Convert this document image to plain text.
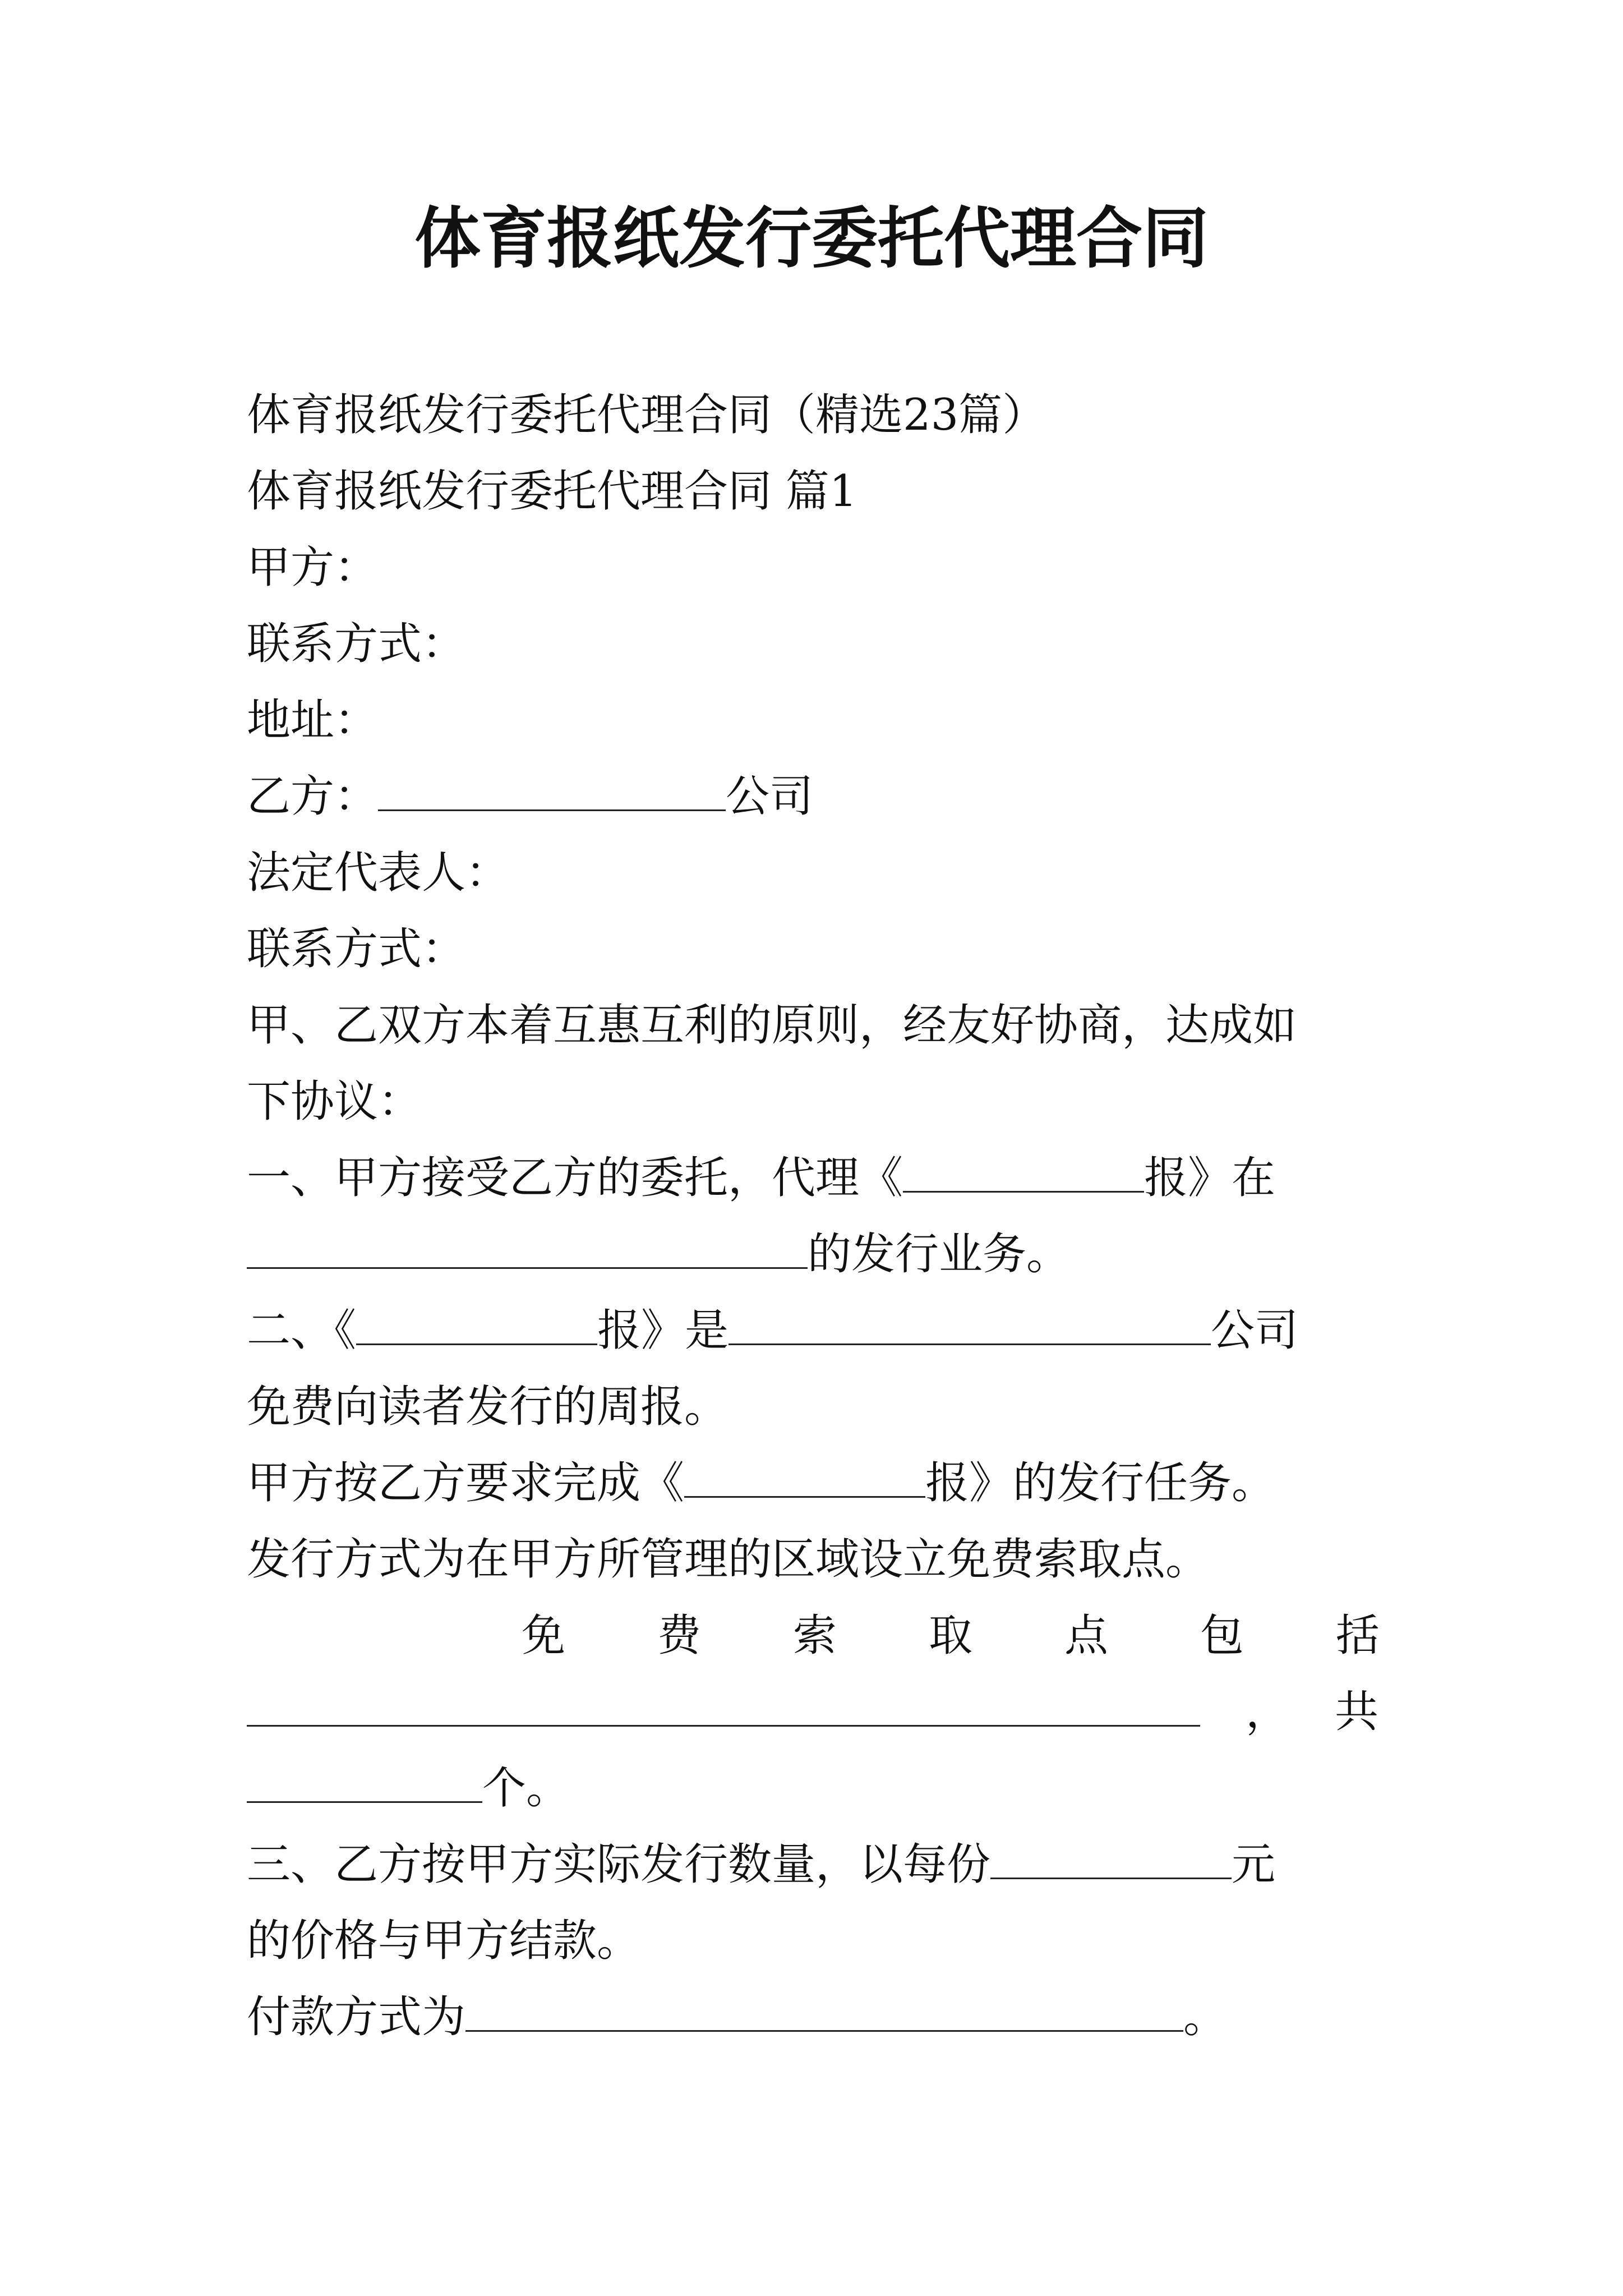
体育报纸发行委托代理合同
体育报纸发行委托代理合同（精选23篇）
体育报纸发行委托代理合同 篇1
甲方：
联系方式：
地址：
乙方：	公司
法定代表人：
联系方式：
甲、乙双方本着互惠互利的原则，经友好协商，达成如
下协议：
一、甲方接受乙方的委托，代理《	报》在
的发行业务。
二、《	报》是	公司
免费向读者发行的周报。
甲方按乙方要求完成《	报》的发行任务。
发行方式为在甲方所管理的区域设立免费索取点。
免 费 索 取 点 包 括
， 共
个。
三、乙方按甲方实际发行数量，以每份	元
的价格与甲方结款。
付款方式为	。
